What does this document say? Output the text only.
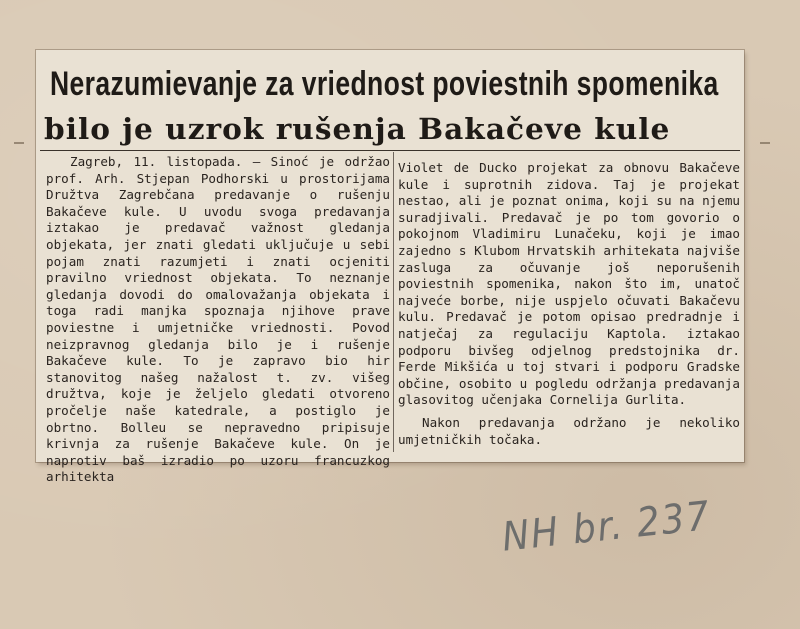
Nerazumievanje za vriednost poviestnih spomenika
bilo je uzrok rušenja Bakačeve kule

Zagreb, 11. listopada. — Sinoć je održao prof. Arh. Stjepan Podhorski u prostorijama Družtva Zagrebčana predavanje o rušenju Bakačeve kule. U uvodu svoga predavanja iztakao je predavač važnost gledanja objekata, jer znati gledati uključuje u sebi pojam znati razumjeti i znati ocjeniti pravilno vriednost objekata. To neznanje gledanja dovodi do omalovažanja objekata i toga radi manjka spoznaja njihove prave poviestne i umjetničke vriednosti. Povod neizpravnog gledanja bilo je i rušenje Bakačeve kule. To je zapravo bio hir stanovitog našeg nažalost t. zv. višeg družtva, koje je željelo gledati otvoreno pročelje naše katedrale, a postiglo je obrtno. Bolleu se nepravedno pripisuje krivnja za rušenje Bakačeve kule. On je naprotiv baš izradio po uzoru francuzkog arhitekta

Violet de Ducko projekat za obnovu Bakačeve kule i suprotnih zidova. Taj je projekat nestao, ali je poznat onima, koji su na njemu suradjivali. Predavač je po tom govorio o pokojnom Vladimiru Lunačeku, koji je imao zajedno s Klubom Hrvatskih arhitekata najviše zasluga za očuvanje još neporušenih poviestnih spomenika, nakon što im, unatoč najveće borbe, nije uspjelo očuvati Bakačevu kulu. Predavač je potom opisao predradnje i natječaj za regulaciju Kaptola. iztakao podporu bivšeg odjelnog predstojnika dr. Ferde Mikšića u toj stvari i podporu Gradske občine, osobito u pogledu održanja predavanja glasovitog učenjaka Cornelija Gurlita.

Nakon predavanja održano je nekoliko umjetničkih točaka.

NH br. 237
